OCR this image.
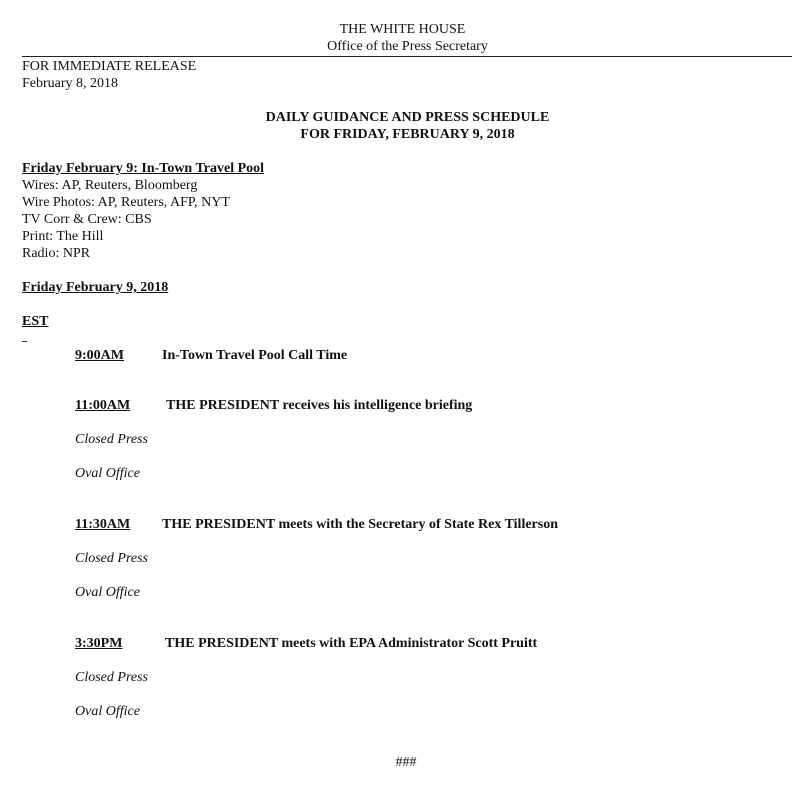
THE WHITE HOUSE
Office of the Press Secretary
FOR IMMEDIATE RELEASE
February 8, 2018
DAILY GUIDANCE AND PRESS SCHEDULE
FOR FRIDAY, FEBRUARY 9, 2018
Friday February 9: In-Town Travel Pool
Wires: AP, Reuters, Bloomberg
Wire Photos: AP, Reuters, AFP, NYT
TV Corr & Crew: CBS
Print: The Hill
Radio: NPR
Friday February 9, 2018
EST
9:00AM	In-Town Travel Pool Call Time
11:00AM	THE PRESIDENT receives his intelligence briefing
Closed Press
Oval Office
11:30AM THE PRESIDENT meets with the Secretary of State Rex Tillerson
Closed Press
Oval Office
3:30PM	THE PRESIDENT meets with EPA Administrator Scott Pruitt
Closed Press
Oval Office
###
